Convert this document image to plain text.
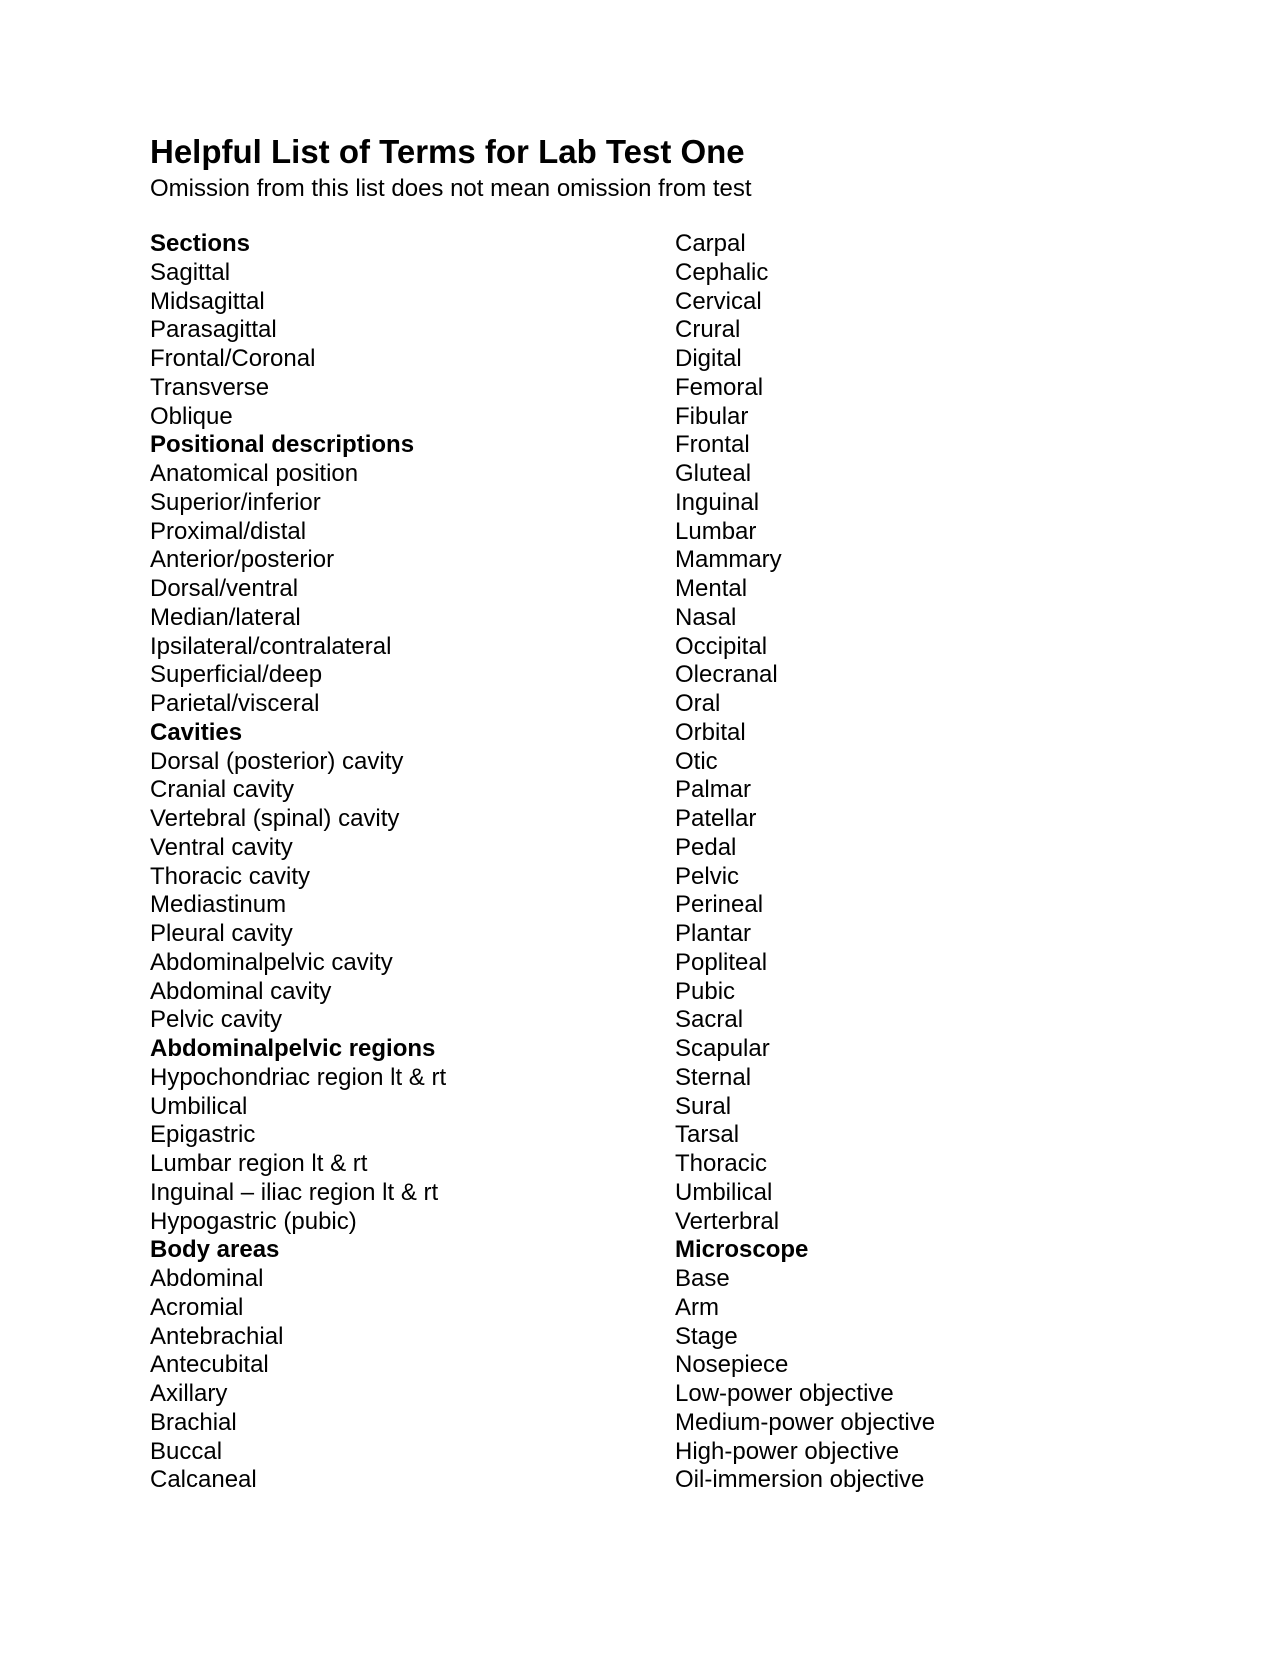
Helpful List of Terms for Lab Test One
Omission from this list does not mean omission from test
Sections
Sagittal
Midsagittal
Parasagittal
Frontal/Coronal
Transverse
Oblique
Positional descriptions
Anatomical position
Superior/inferior
Proximal/distal
Anterior/posterior
Dorsal/ventral
Median/lateral
Ipsilateral/contralateral
Superficial/deep
Parietal/visceral
Cavities
Dorsal (posterior) cavity
Cranial cavity
Vertebral (spinal) cavity
Ventral cavity
Thoracic cavity
Mediastinum
Pleural cavity
Abdominalpelvic cavity
Abdominal cavity
Pelvic cavity
Abdominalpelvic regions
Hypochondriac region lt & rt
Umbilical
Epigastric
Lumbar region lt & rt
Inguinal – iliac region lt & rt
Hypogastric (pubic)
Body areas
Abdominal
Acromial
Antebrachial
Antecubital
Axillary
Brachial
Buccal
Calcaneal
Carpal
Cephalic
Cervical
Crural
Digital
Femoral
Fibular
Frontal
Gluteal
Inguinal
Lumbar
Mammary
Mental
Nasal
Occipital
Olecranal
Oral
Orbital
Otic
Palmar
Patellar
Pedal
Pelvic
Perineal
Plantar
Popliteal
Pubic
Sacral
Scapular
Sternal
Sural
Tarsal
Thoracic
Umbilical
Verterbral
Microscope
Base
Arm
Stage
Nosepiece
Low-power objective
Medium-power objective
High-power objective
Oil-immersion objective
